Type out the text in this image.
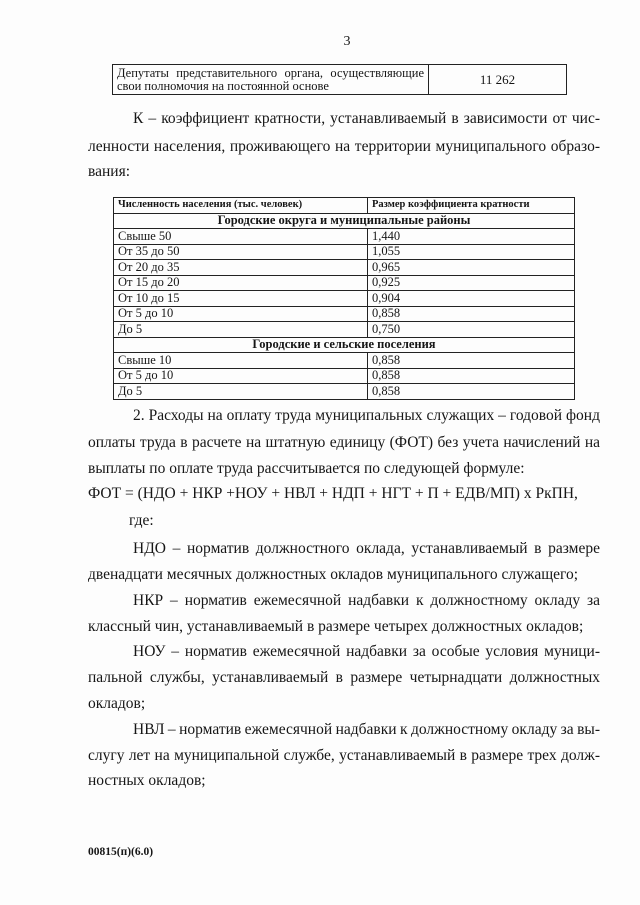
3
Депутаты представительного органа, осуществляющие
свои полномочия на постоянной основе	11 262
К – коэффициент кратности, устанавливаемый в зависимости от чис-
ленности населения, проживающего на территории муниципального образо-
вания:
Численность населения (тыс. человек)	Размер коэффициента кратности
Городские округа и муниципальные районы	
Свыше 50	1,440
От 35 до 50	1,055
От 20 до 35	0,965
От 15 до 20	0,925
От 10 до 15	0,904
От 5 до 10	0,858
До 5	0,750
Городские и сельские поселения	
Свыше 10	0,858
От 5 до 10	0,858
До 5	0,858
2. Расходы на оплату труда муниципальных служащих – годовой фонд
оплаты труда в расчете на штатную единицу (ФОТ) без учета начислений на
выплаты по оплате труда рассчитывается по следующей формуле:
ФОТ = (НДО + НКР +НОУ + НВЛ + НДП + НГТ + П + ЕДВ/МП) х РкПН,
где:
НДО – норматив должностного оклада, устанавливаемый в размере
двенадцати месячных должностных окладов муниципального служащего;
НКР – норматив ежемесячной надбавки к должностному окладу за
классный чин, устанавливаемый в размере четырех должностных окладов;
НОУ – норматив ежемесячной надбавки за особые условия муници-
пальной службы, устанавливаемый в размере четырнадцати должностных
окладов;
НВЛ – норматив ежемесячной надбавки к должностному окладу за вы-
слугу лет на муниципальной службе, устанавливаемый в размере трех долж-
ностных окладов;
00815(п)(6.0)
